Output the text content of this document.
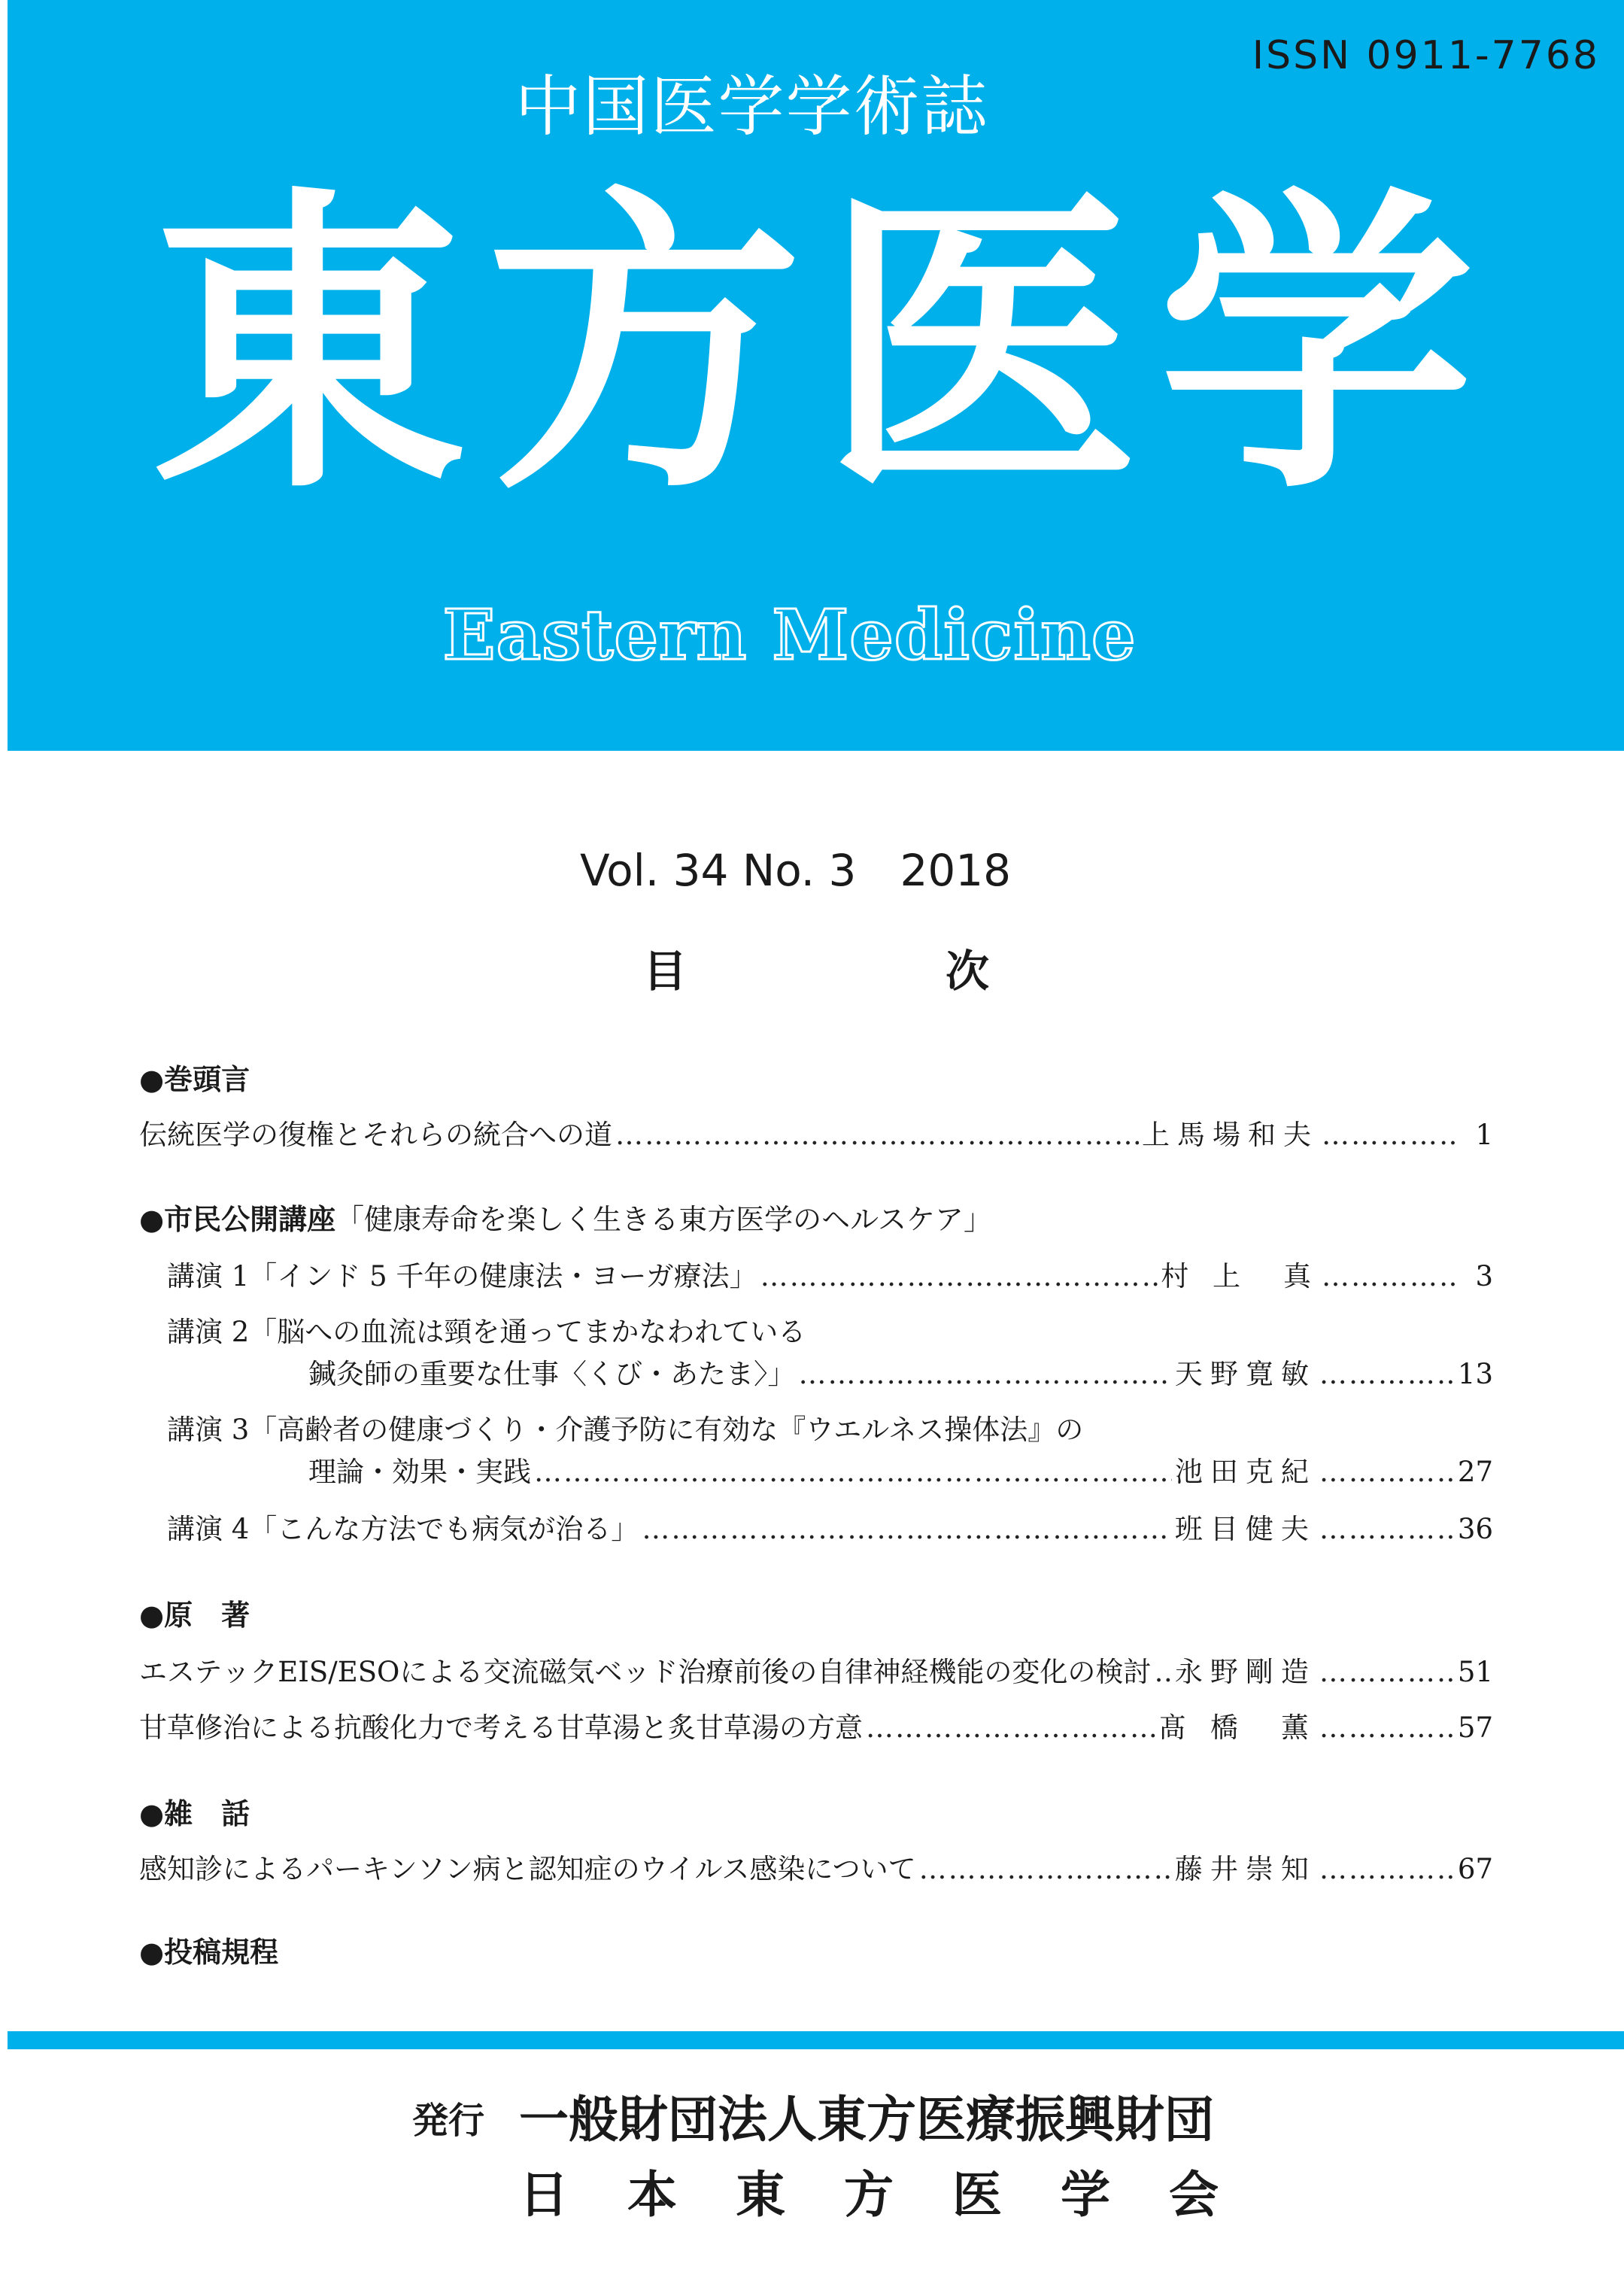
ISSN 0911-7768
中国医学学術誌
東 方 医 学
Eastern Medicine
Vol. 34 No. 3　2018
目	次
●巻頭言
伝統医学の復権とそれらの統合への道 ………………………………………………………………………………………………………………………………………………………………………………………	上馬場和夫 ………………………………………………………………………………………………………………………………………………………………………………………	1
●市民公開講座「健康寿命を楽しく生きる東方医学のヘルスケア」
講演 1「インド 5 千年の健康法・ヨーガ療法」 ………………………………………………………………………………………………………………………………………………………………………………………	村 上　真 ………………………………………………………………………………………………………………………………………………………………………………………	3
講演 2「脳への血流は頸を通ってまかなわれている
鍼灸師の重要な仕事〈くび・あたま〉」 ………………………………………………………………………………………………………………………………………………………………………………………	天野寛敏 ………………………………………………………………………………………………………………………………………………………………………………………	13
講演 3「高齢者の健康づくり・介護予防に有効な『ウエルネス操体法』の
理論・効果・実践 ………………………………………………………………………………………………………………………………………………………………………………………	池田克紀 ………………………………………………………………………………………………………………………………………………………………………………………	27
講演 4「こんな方法でも病気が治る」 ………………………………………………………………………………………………………………………………………………………………………………………	班目健夫 ………………………………………………………………………………………………………………………………………………………………………………………	36
●原　著
エステックEIS/ESOによる交流磁気ベッド治療前後の自律神経機能の変化の検討 ……………………………………………………………………………………………………………………………………………………………………………………… 永野剛造 ………………………………………………………………………………………………………………………………………………………………………………………	51
甘草修治による抗酸化力で考える甘草湯と炙甘草湯の方意 ………………………………………………………………………………………………………………………………………………………………………………………	髙 橋　薫 ………………………………………………………………………………………………………………………………………………………………………………………	57
●雑　話
感知診によるパーキンソン病と認知症のウイルス感染について ………………………………………………………………………………………………………………………………………………………………………………………	藤井崇知 ………………………………………………………………………………………………………………………………………………………………………………………	67
●投稿規程
発行 一般財団法人東方医療振興財団
日 本 東 方 医 学 会
